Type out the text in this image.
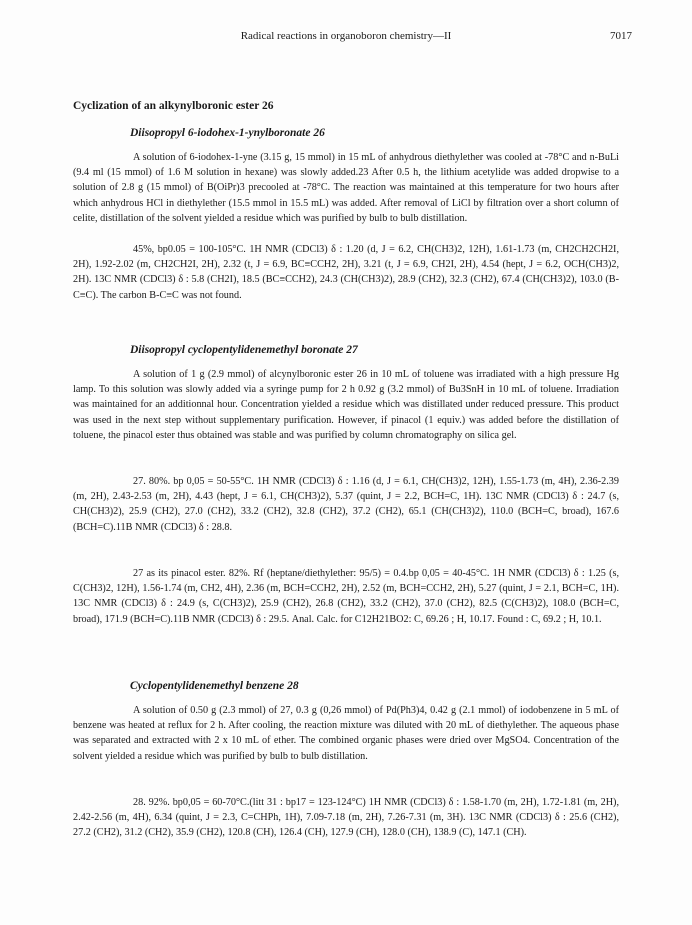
Radical reactions in organoboron chemistry—II	7017
Cyclization of an alkynylboronic ester 26
Diisopropyl 6-iodohex-1-ynylboronate 26

A solution of 6-iodohex-1-yne (3.15 g, 15 mmol) in 15 mL of anhydrous diethylether was cooled at -78°C and n-BuLi (9.4 ml (15 mmol) of 1.6 M solution in hexane) was slowly added.23 After 0.5 h, the lithium acetylide was added dropwise to a solution of 2.8 g (15 mmol) of B(OiPr)3 precooled at -78°C. The reaction was maintained at this temperature for two hours after which anhydrous HCl in diethylether (15.5 mmol in 15.5 mL) was added. After removal of LiCl by filtration over a short column of celite, distillation of the solvent yielded a residue which was purified by bulb to bulb distillation.

45%, bp0.05 = 100-105°C. 1H NMR (CDCl3) δ : 1.20 (d, J = 6.2, CH(CH3)2, 12H), 1.61-1.73 (m, CH2CH2CH2I, 2H), 1.92-2.02 (m, CH2CH2I, 2H), 2.32 (t, J = 6.9, BC≡CCH2, 2H), 3.21 (t, J = 6.9, CH2I, 2H), 4.54 (hept, J = 6.2, OCH(CH3)2, 2H). 13C NMR (CDCl3) δ : 5.8 (CH2I), 18.5 (BC≡CCH2), 24.3 (CH(CH3)2), 28.9 (CH2), 32.3 (CH2), 67.4 (CH(CH3)2), 103.0 (B-C≡C). The carbon B-C≡C was not found.

Diisopropyl cyclopentylidenemethyl boronate 27

A solution of 1 g (2.9 mmol) of alcynylboronic ester 26 in 10 mL of toluene was irradiated with a high pressure Hg lamp. To this solution was slowly added via a syringe pump for 2 h 0.92 g (3.2 mmol) of Bu3SnH in 10 mL of toluene. Irradiation was maintained for an additionnal hour. Concentration yielded a residue which was distillated under reduced pressure. This product was used in the next step without supplementary purification. However, if pinacol (1 equiv.) was added before the distillation of toluene, the pinacol ester thus obtained was stable and was purified by column chromatography on silica gel.

27. 80%. bp 0,05 = 50-55°C. 1H NMR (CDCl3) δ : 1.16 (d, J = 6.1, CH(CH3)2, 12H), 1.55-1.73 (m, 4H), 2.36-2.39 (m, 2H), 2.43-2.53 (m, 2H), 4.43 (hept, J = 6.1, CH(CH3)2), 5.37 (quint, J = 2.2, BCH=C, 1H). 13C NMR (CDCl3) δ : 24.7 (s, CH(CH3)2), 25.9 (CH2), 27.0 (CH2), 33.2 (CH2), 32.8 (CH2), 37.2 (CH2), 65.1 (CH(CH3)2), 110.0 (BCH=C, broad), 167.6 (BCH=C).11B NMR (CDCl3) δ : 28.8.

27 as its pinacol ester. 82%. Rf (heptane/diethylether: 95/5) = 0.4.bp 0,05 = 40-45°C. 1H NMR (CDCl3) δ : 1.25 (s, C(CH3)2, 12H), 1.56-1.74 (m, CH2, 4H), 2.36 (m, BCH=CCH2, 2H), 2.52 (m, BCH=CCH2, 2H), 5.27 (quint, J = 2.1, BCH=C, 1H). 13C NMR (CDCl3) δ : 24.9 (s, C(CH3)2), 25.9 (CH2), 26.8 (CH2), 33.2 (CH2), 37.0 (CH2), 82.5 (C(CH3)2), 108.0 (BCH=C, broad), 171.9 (BCH=C).11B NMR (CDCl3) δ : 29.5. Anal. Calc. for C12H21BO2: C, 69.26 ; H, 10.17. Found : C, 69.2 ; H, 10.1.

Cyclopentylidenemethyl benzene 28

A solution of 0.50 g (2.3 mmol) of 27, 0.3 g (0,26 mmol) of Pd(Ph3)4, 0.42 g (2.1 mmol) of iodobenzene in 5 mL of benzene was heated at reflux for 2 h. After cooling, the reaction mixture was diluted with 20 mL of diethylether. The aqueous phase was separated and extracted with 2 x 10 mL of ether. The combined organic phases were dried over MgSO4. Concentration of the solvent yielded a residue which was purified by bulb to bulb distillation.

28. 92%. bp0,05 = 60-70°C.(litt 31 : bp17 = 123-124°C) 1H NMR (CDCl3) δ : 1.58-1.70 (m, 2H), 1.72-1.81 (m, 2H), 2.42-2.56 (m, 4H), 6.34 (quint, J = 2.3, C=CHPh, 1H), 7.09-7.18 (m, 2H), 7.26-7.31 (m, 3H). 13C NMR (CDCl3) δ : 25.6 (CH2), 27.2 (CH2), 31.2 (CH2), 35.9 (CH2), 120.8 (CH), 126.4 (CH), 127.9 (CH), 128.0 (CH), 138.9 (C), 147.1 (CH).
